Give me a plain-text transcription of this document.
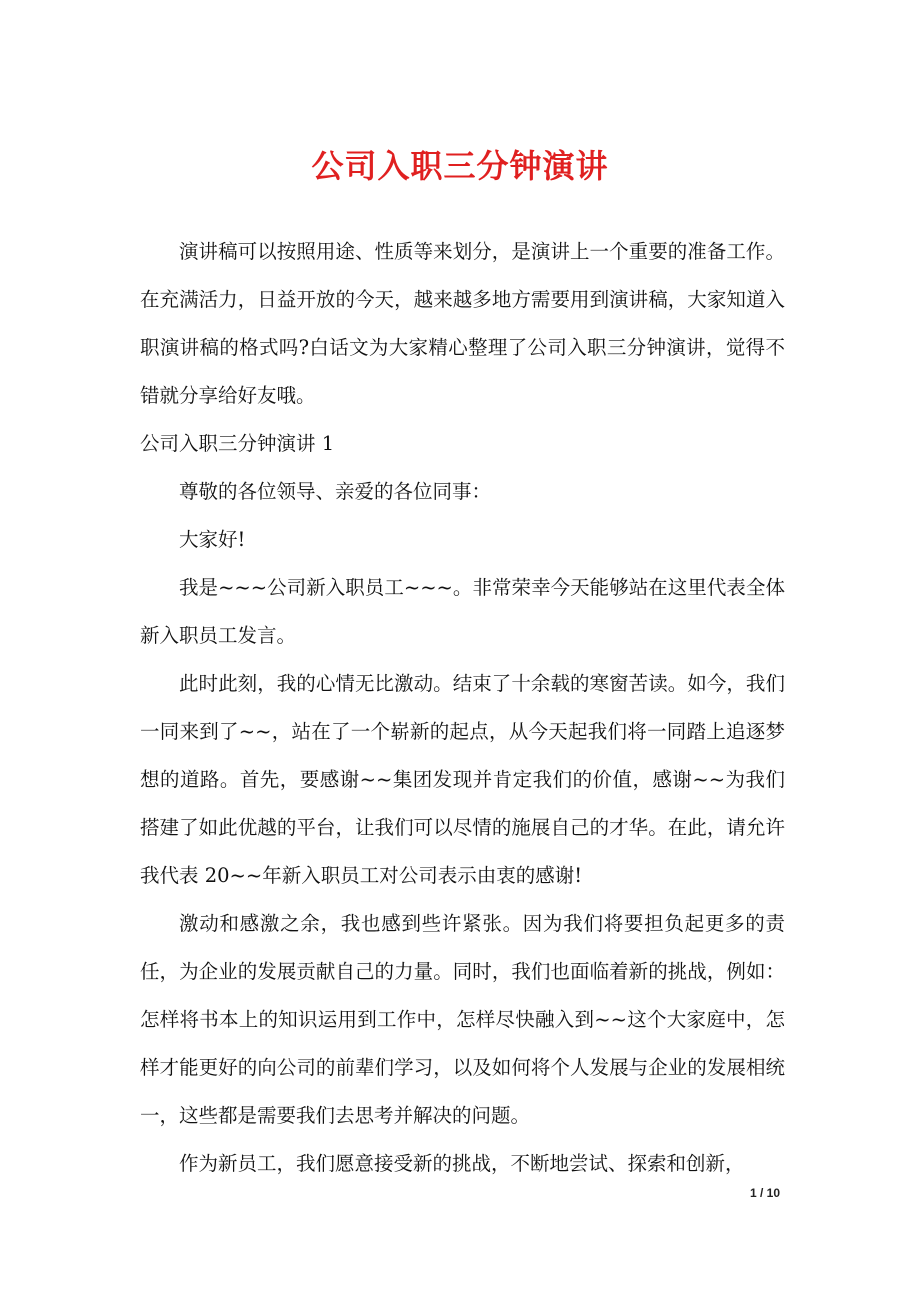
公司入职三分钟演讲

演讲稿可以按照用途、性质等来划分，是演讲上一个重要的准备工作。在充满活力，日益开放的今天，越来越多地方需要用到演讲稿，大家知道入职演讲稿的格式吗?白话文为大家精心整理了公司入职三分钟演讲，觉得不错就分享给好友哦。

公司入职三分钟演讲 1

尊敬的各位领导、亲爱的各位同事：

大家好!

我是~~~公司新入职员工~~~。非常荣幸今天能够站在这里代表全体新入职员工发言。

此时此刻，我的心情无比激动。结束了十余载的寒窗苦读。如今，我们一同来到了~~，站在了一个崭新的起点，从今天起我们将一同踏上追逐梦想的道路。首先，要感谢~~集团发现并肯定我们的价值，感谢~~为我们搭建了如此优越的平台，让我们可以尽情的施展自己的才华。在此，请允许我代表 20~~年新入职员工对公司表示由衷的感谢!

激动和感激之余，我也感到些许紧张。因为我们将要担负起更多的责任，为企业的发展贡献自己的力量。同时，我们也面临着新的挑战，例如：怎样将书本上的知识运用到工作中，怎样尽快融入到~~这个大家庭中，怎样才能更好的向公司的前辈们学习，以及如何将个人发展与企业的发展相统一，这些都是需要我们去思考并解决的问题。

作为新员工，我们愿意接受新的挑战，不断地尝试、探索和创新，

1 / 10
